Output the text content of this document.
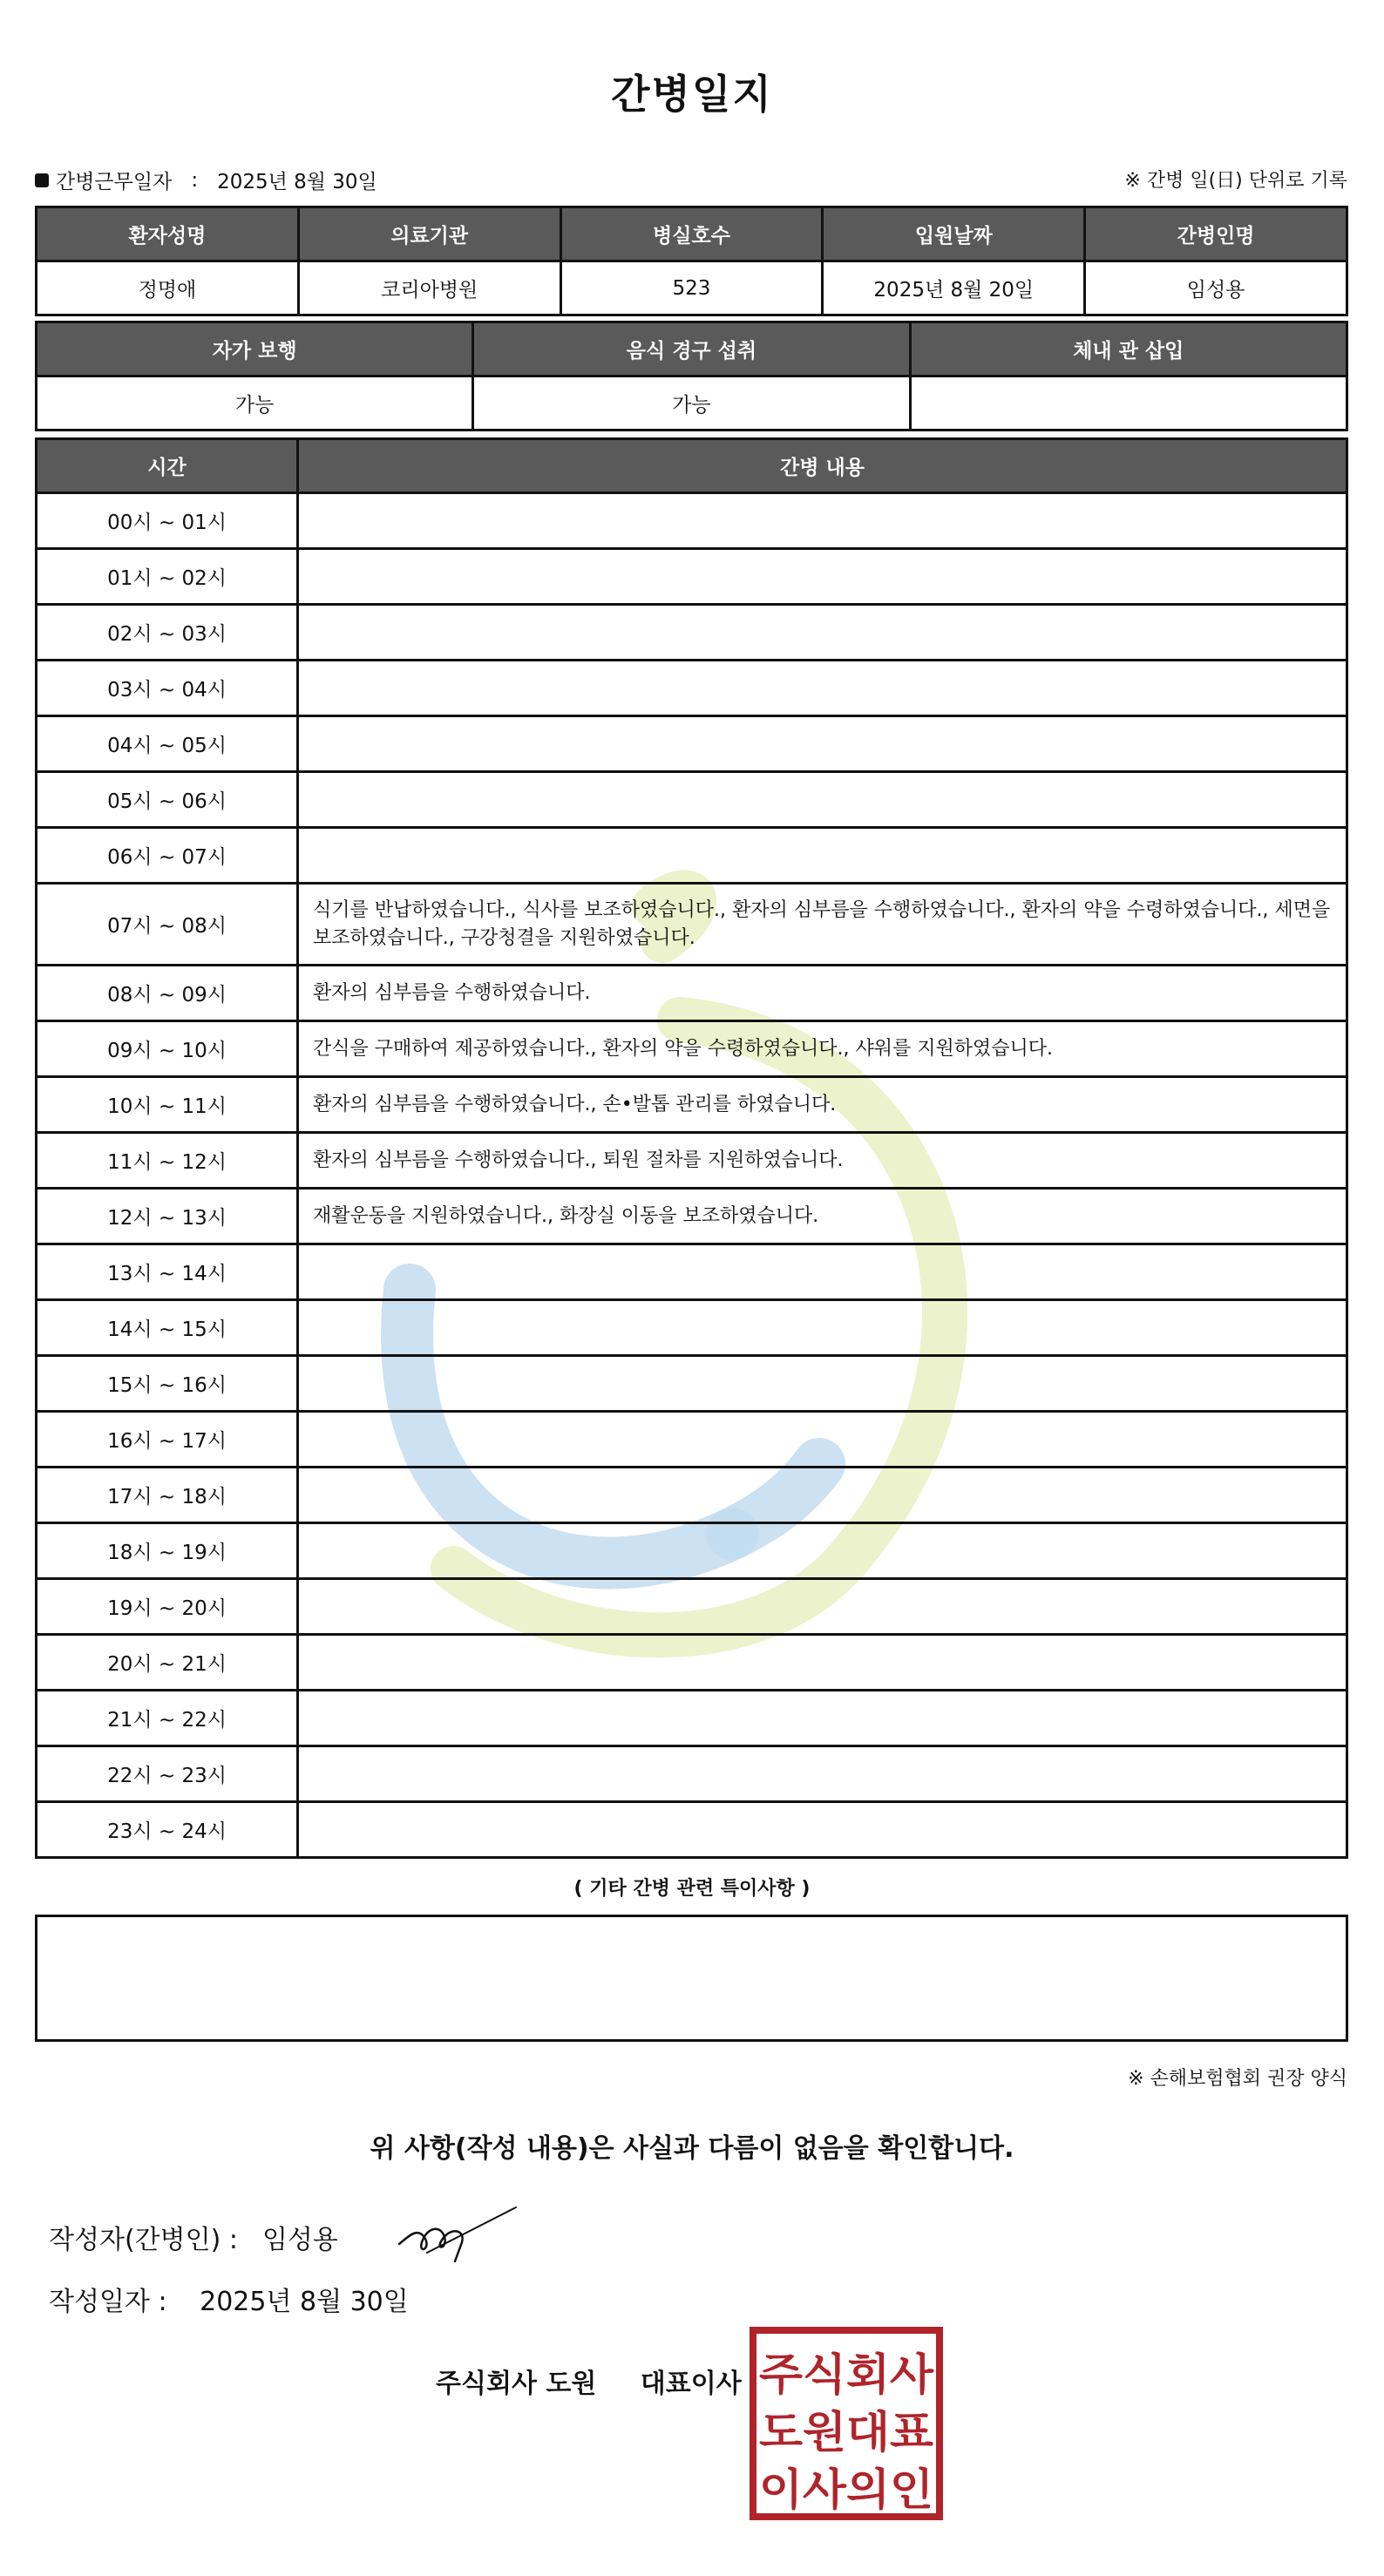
간병일지
간병근무일자 : 2025년 8월 30일	※ 간병 일(日) 단위로 기록
환자성명	의료기관	병실호수	입원날짜	간병인명
정명애	코리아병원	523	2025년 8월 20일	임성용
자가 보행	음식 경구 섭취	체내 관 삽입
가능	가능	
시간	간병 내용
00시 ~ 01시	
01시 ~ 02시	
02시 ~ 03시	
03시 ~ 04시	
04시 ~ 05시	
05시 ~ 06시	
06시 ~ 07시	
07시 ~ 08시	식기를 반납하였습니다., 식사를 보조하였습니다., 환자의 심부름을 수행하였습니다., 환자의 약을 수령하였습니다., 세면을 보조하였습니다., 구강청결을 지원하였습니다.
08시 ~ 09시	환자의 심부름을 수행하였습니다.
09시 ~ 10시	간식을 구매하여 제공하였습니다., 환자의 약을 수령하였습니다., 샤워를 지원하였습니다.
10시 ~ 11시	환자의 심부름을 수행하였습니다., 손•발톱 관리를 하였습니다.
11시 ~ 12시	환자의 심부름을 수행하였습니다., 퇴원 절차를 지원하였습니다.
12시 ~ 13시	재활운동을 지원하였습니다., 화장실 이동을 보조하였습니다.
13시 ~ 14시	
14시 ~ 15시	
15시 ~ 16시	
16시 ~ 17시	
17시 ~ 18시	
18시 ~ 19시	
19시 ~ 20시	
20시 ~ 21시	
21시 ~ 22시	
22시 ~ 23시	
23시 ~ 24시	
( 기타 간병 관련 특이사항 )
※ 손해보험협회 권장 양식
위 사항(작성 내용)은 사실과 다름이 없음을 확인합니다.
작성자(간병인) : 임성용
작성일자 : 2025년 8월 30일
주식회사 도원 대표이사 주식회사
도원대표
이사의인
